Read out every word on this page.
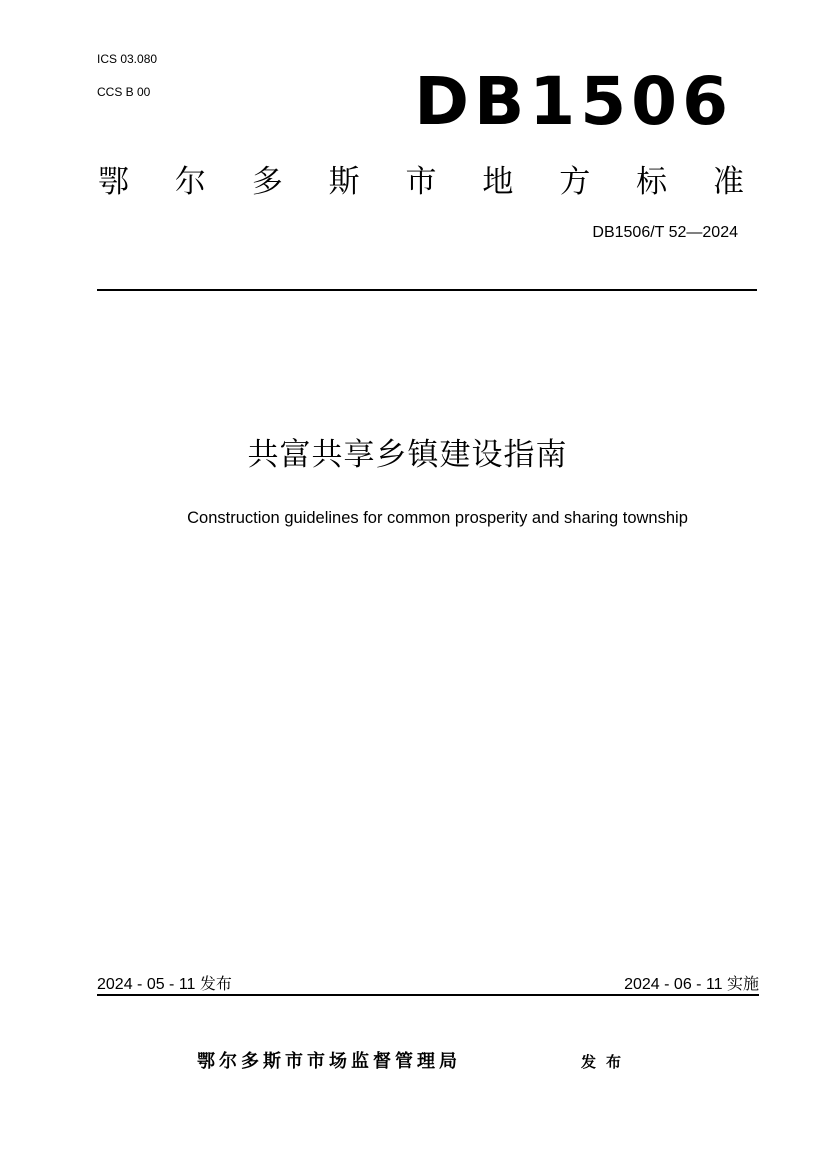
ICS 03.080
CCS B 00	DB1506
鄂 尔 多 斯 市 地 方 标 准
DB1506/T 52—2024
共富共享乡镇建设指南
Construction guidelines for common prosperity and sharing township
2024 - 05 - 11 发布	2024 - 06 - 11 实施
鄂尔多斯市市场监督管理局	发布
